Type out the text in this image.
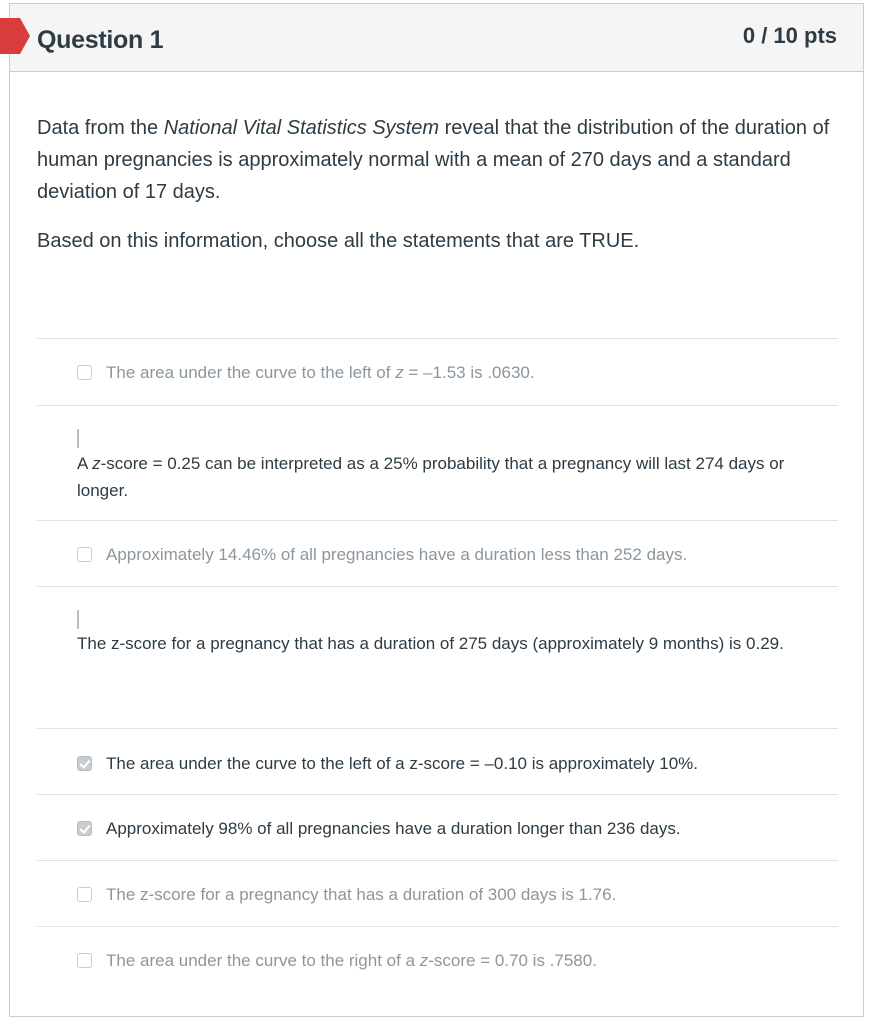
Question 1	0 / 10 pts

Data from the National Vital Statistics System reveal that the distribution of the duration of human pregnancies is approximately normal with a mean of 270 days and a standard deviation of 17 days.

Based on this information, choose all the statements that are TRUE.

The area under the curve to the left of z = –1.53 is .0630.
A z-score = 0.25 can be interpreted as a 25% probability that a pregnancy will last 274 days or longer.
Approximately 14.46% of all pregnancies have a duration less than 252 days.
The z-score for a pregnancy that has a duration of 275 days (approximately 9 months) is 0.29.
The area under the curve to the left of a z-score = –0.10 is approximately 10%.
Approximately 98% of all pregnancies have a duration longer than 236 days.
The z-score for a pregnancy that has a duration of 300 days is 1.76.
The area under the curve to the right of a z-score = 0.70 is .7580.
